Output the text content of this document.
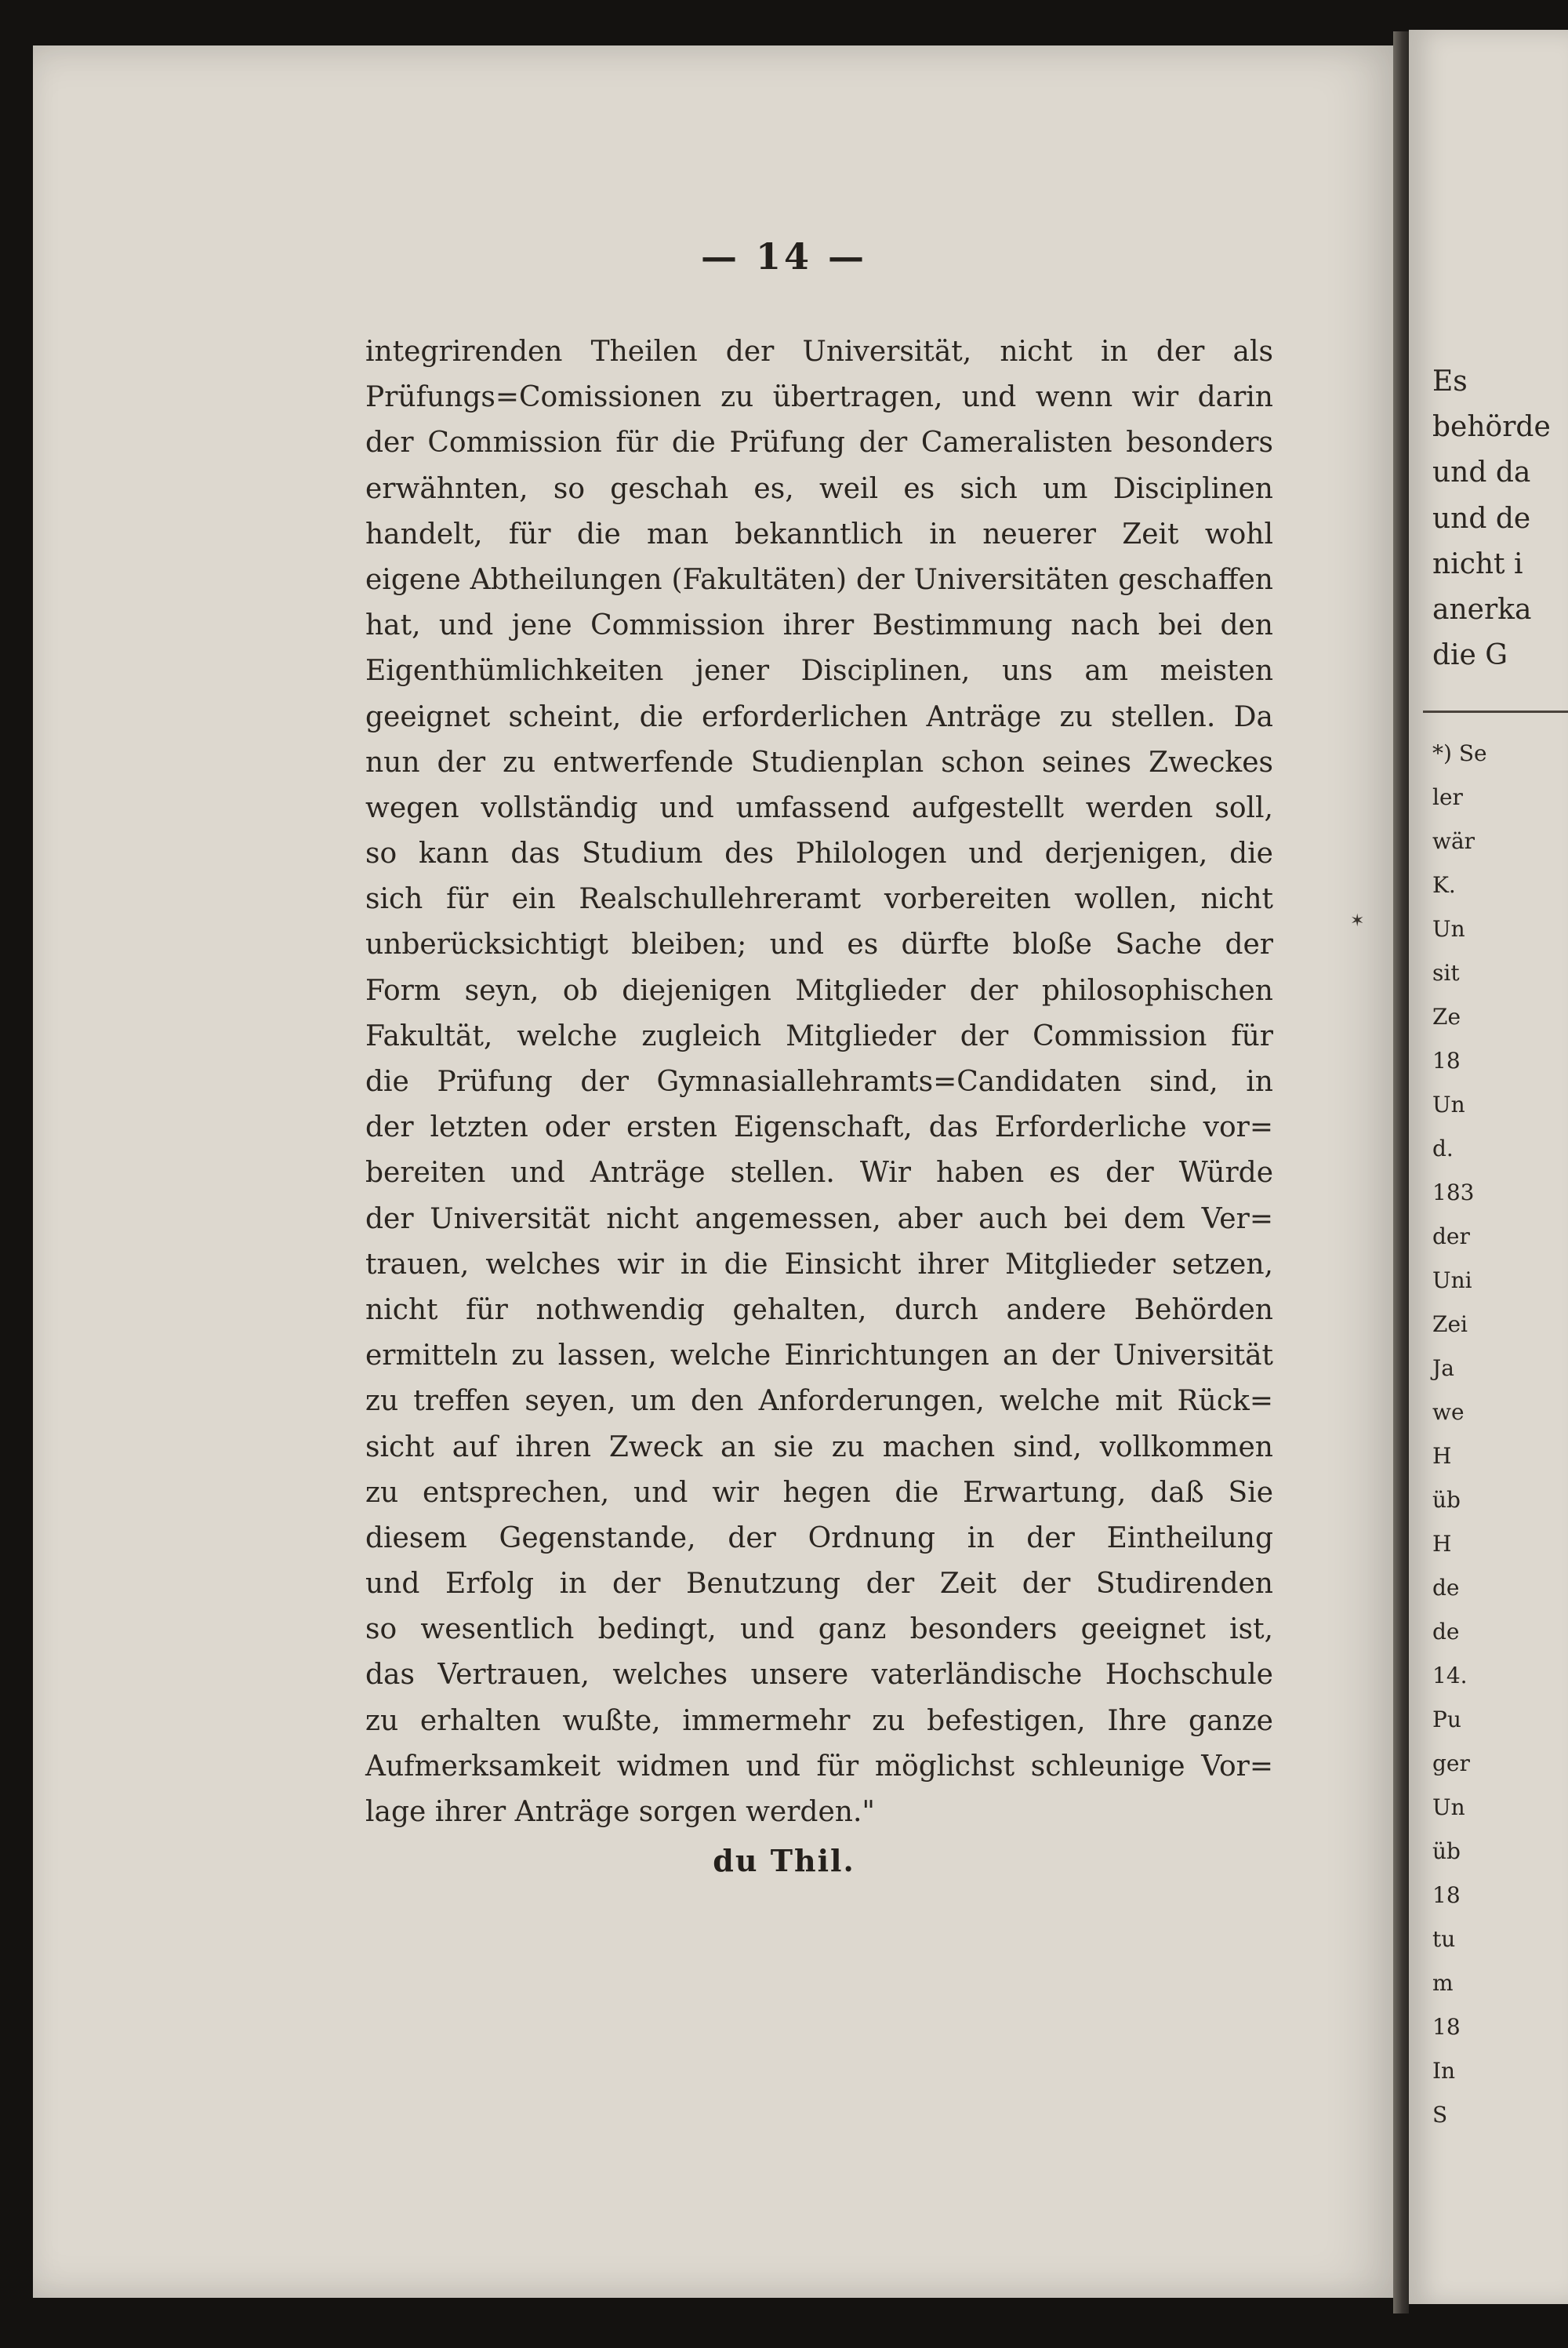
Es
behörde
und da
und de
nicht i
anerka
die G
*) Se
ler
wär
K.
Un
sit
Ze
18
Un
d.
183
der
Uni
Zei
Ja
we
H
üb
H
de
de
14.
Pu
ger
Un
üb
18
tu
m
18
In
S
— 14 —
integrirenden Theilen der Universität, nicht in der als
Prüfungs=Comissionen zu übertragen, und wenn wir darin
der Commission für die Prüfung der Cameralisten besonders
erwähnten, so geschah es, weil es sich um Disciplinen
handelt, für die man bekanntlich in neuerer Zeit wohl
eigene Abtheilungen (Fakultäten) der Universitäten geschaffen
hat, und jene Commission ihrer Bestimmung nach bei den
Eigenthümlichkeiten jener Disciplinen, uns am meisten
geeignet scheint, die erforderlichen Anträge zu stellen. Da
nun der zu entwerfende Studienplan schon seines Zweckes
wegen vollständig und umfassend aufgestellt werden soll,
so kann das Studium des Philologen und derjenigen, die
sich für ein Realschullehreramt vorbereiten wollen, nicht
unberücksichtigt bleiben; und es dürfte bloße Sache der
Form seyn, ob diejenigen Mitglieder der philosophischen
Fakultät, welche zugleich Mitglieder der Commission für
die Prüfung der Gymnasiallehramts=Candidaten sind, in
der letzten oder ersten Eigenschaft, das Erforderliche vor=
bereiten und Anträge stellen. Wir haben es der Würde
der Universität nicht angemessen, aber auch bei dem Ver=
trauen, welches wir in die Einsicht ihrer Mitglieder setzen,
nicht für nothwendig gehalten, durch andere Behörden
ermitteln zu lassen, welche Einrichtungen an der Universität
zu treffen seyen, um den Anforderungen, welche mit Rück=
sicht auf ihren Zweck an sie zu machen sind, vollkommen
zu entsprechen, und wir hegen die Erwartung, daß Sie
diesem Gegenstande, der Ordnung in der Eintheilung
und Erfolg in der Benutzung der Zeit der Studirenden
so wesentlich bedingt, und ganz besonders geeignet ist,
das Vertrauen, welches unsere vaterländische Hochschule
zu erhalten wußte, immermehr zu befestigen, Ihre ganze
Aufmerksamkeit widmen und für möglichst schleunige Vor=
lage ihrer Anträge sorgen werden."
du Thil.
✶
